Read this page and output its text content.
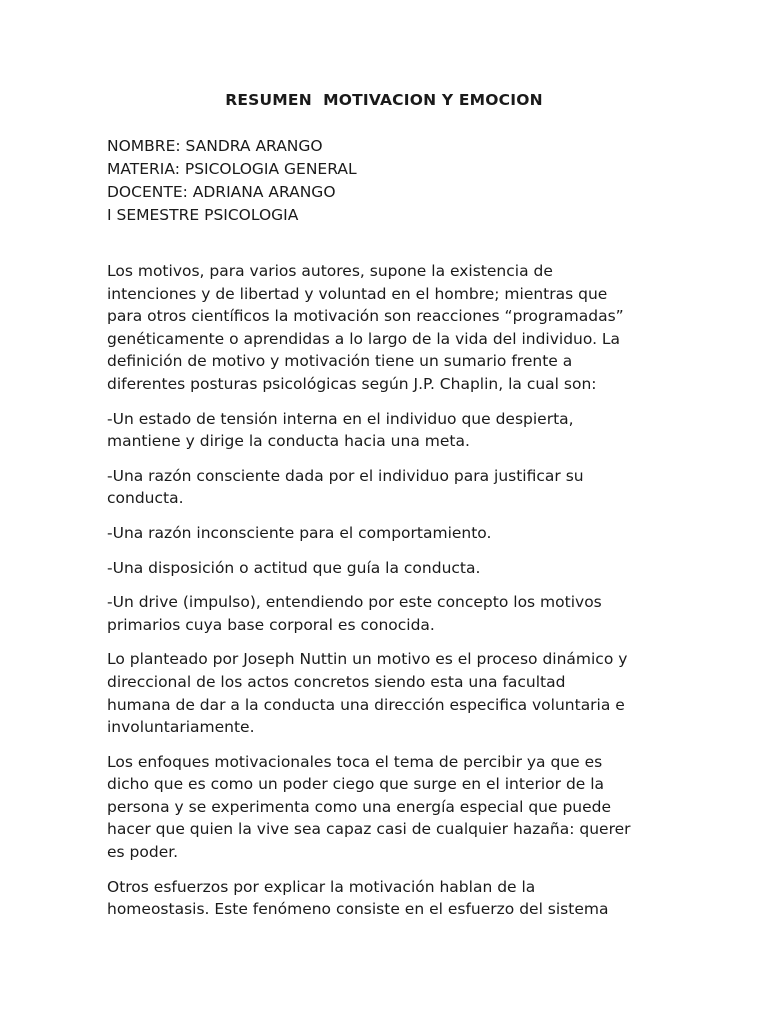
RESUMEN  MOTIVACION Y EMOCION

NOMBRE: SANDRA ARANGO

MATERIA: PSICOLOGIA GENERAL

DOCENTE: ADRIANA ARANGO

I SEMESTRE PSICOLOGIA

Los motivos, para varios autores, supone la existencia de
intenciones y de libertad y voluntad en el hombre; mientras que
para otros científicos la motivación son reacciones “programadas”
genéticamente o aprendidas a lo largo de la vida del individuo. La
definición de motivo y motivación tiene un sumario frente a
diferentes posturas psicológicas según J.P. Chaplin, la cual son:

-Un estado de tensión interna en el individuo que despierta,
mantiene y dirige la conducta hacia una meta.

-Una razón consciente dada por el individuo para justificar su
conducta.

-Una razón inconsciente para el comportamiento.

-Una disposición o actitud que guía la conducta.

-Un drive (impulso), entendiendo por este concepto los motivos
primarios cuya base corporal es conocida.

Lo planteado por Joseph Nuttin un motivo es el proceso dinámico y
direccional de los actos concretos siendo esta una facultad
humana de dar a la conducta una dirección especifica voluntaria e
involuntariamente.

Los enfoques motivacionales toca el tema de percibir ya que es
dicho que es como un poder ciego que surge en el interior de la
persona y se experimenta como una energía especial que puede
hacer que quien la vive sea capaz casi de cualquier hazaña: querer
es poder.

Otros esfuerzos por explicar la motivación hablan de la
homeostasis. Este fenómeno consiste en el esfuerzo del sistema
